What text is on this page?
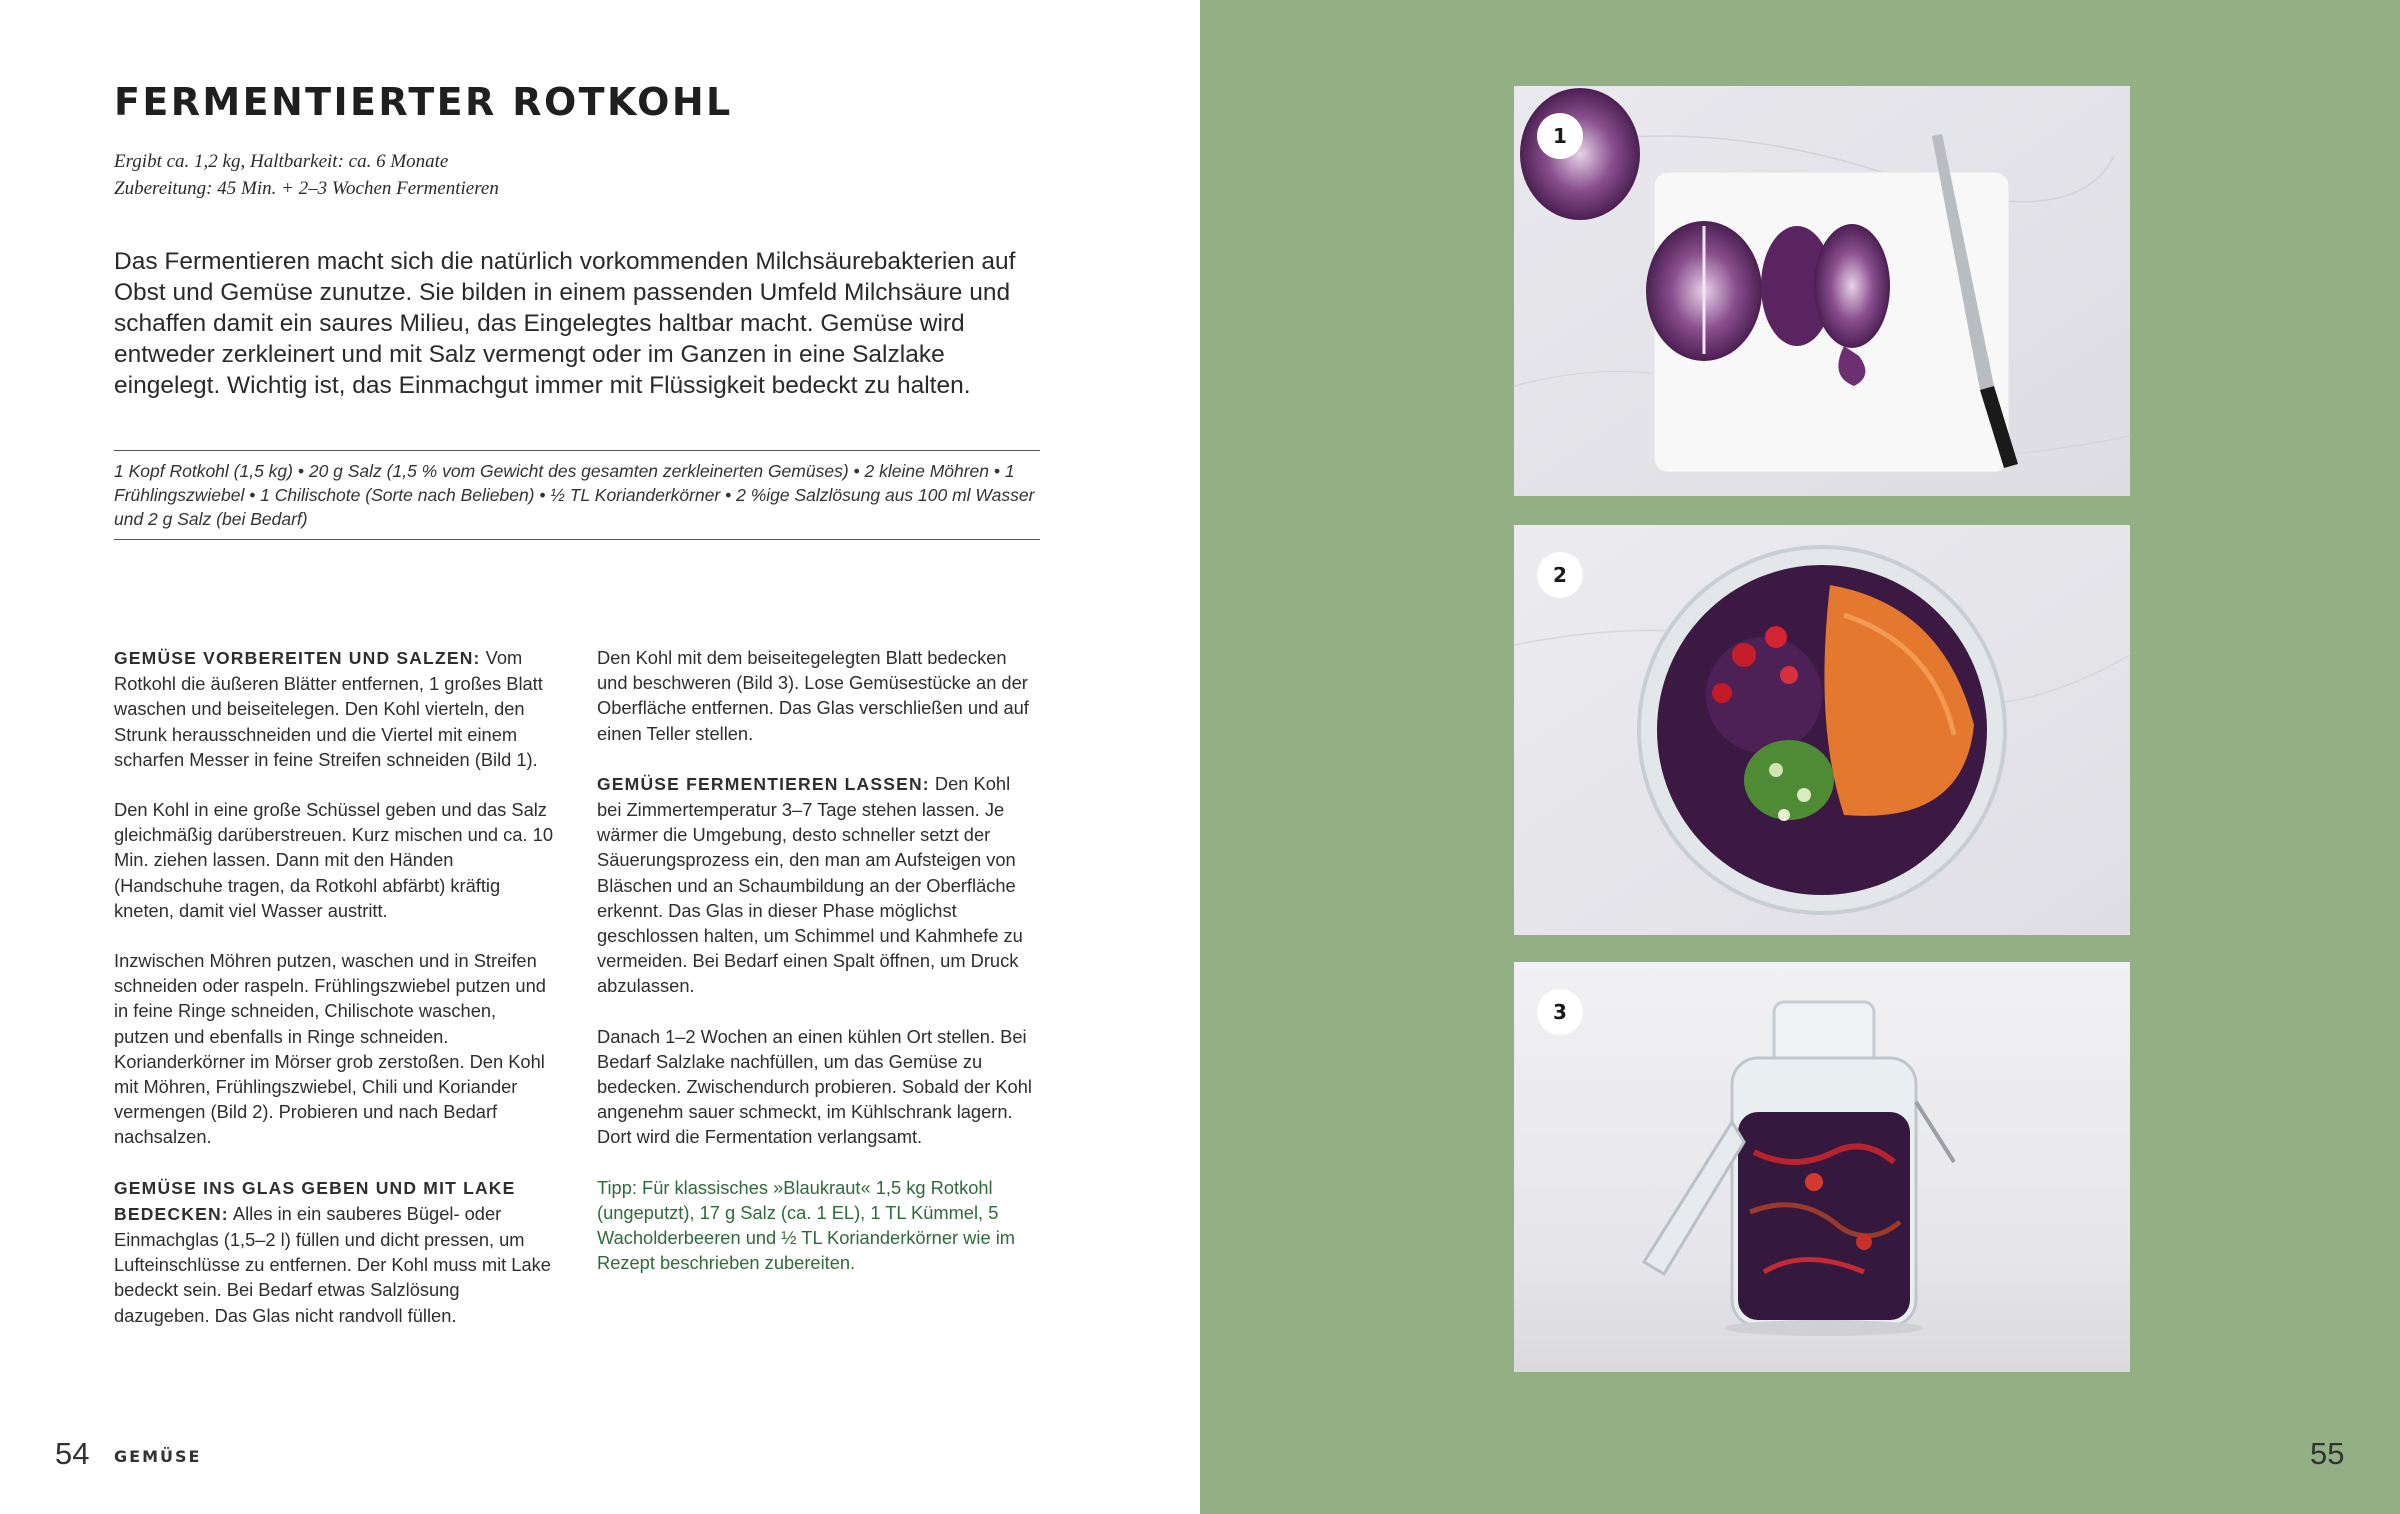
FERMENTIERTER ROTKOHL
Ergibt ca. 1,2 kg, Haltbarkeit: ca. 6 Monate
Zubereitung: 45 Min. + 2–3 Wochen Fermentieren
Das Fermentieren macht sich die natürlich vorkommenden Milchsäurebakterien auf Obst und Gemüse zunutze. Sie bilden in einem passenden Umfeld Milchsäure und schaffen damit ein saures Milieu, das Eingelegtes haltbar macht. Gemüse wird entweder zerkleinert und mit Salz vermengt oder im Ganzen in eine Salzlake eingelegt. Wichtig ist, das Einmachgut immer mit Flüssigkeit bedeckt zu halten.
1 Kopf Rotkohl (1,5 kg) • 20 g Salz (1,5 % vom Gewicht des gesamten zerkleinerten Gemüses) • 2 kleine Möhren • 1 Frühlingszwiebel • 1 Chilischote (Sorte nach Belieben) • ½ TL Korianderkörner • 2 %ige Salzlösung aus 100 ml Wasser und 2 g Salz (bei Bedarf)

GEMÜSE VORBEREITEN UND SALZEN: Vom Rotkohl die äußeren Blätter entfernen, 1 großes Blatt waschen und beiseitelegen. Den Kohl vierteln, den Strunk herausschneiden und die Viertel mit einem scharfen Messer in feine Streifen schneiden (Bild 1).

Den Kohl in eine große Schüssel geben und das Salz gleichmäßig darüberstreuen. Kurz mischen und ca. 10 Min. ziehen lassen. Dann mit den Händen (Handschuhe tragen, da Rotkohl abfärbt) kräftig kneten, damit viel Wasser austritt.

Inzwischen Möhren putzen, waschen und in Streifen schneiden oder raspeln. Frühlingszwiebel putzen und in feine Ringe schneiden, Chilischote waschen, putzen und ebenfalls in Ringe schneiden. Korianderkörner im Mörser grob zerstoßen. Den Kohl mit Möhren, Frühlingszwiebel, Chili und Koriander vermengen (Bild 2). Probieren und nach Bedarf nachsalzen.

GEMÜSE INS GLAS GEBEN UND MIT LAKE BEDECKEN: Alles in ein sauberes Bügel- oder Einmachglas (1,5–2 l) füllen und dicht pressen, um Lufteinschlüsse zu entfernen. Der Kohl muss mit Lake bedeckt sein. Bei Bedarf etwas Salzlösung dazugeben. Das Glas nicht randvoll füllen.

Den Kohl mit dem beiseitegelegten Blatt bedecken und beschweren (Bild 3). Lose Gemüsestücke an der Oberfläche entfernen. Das Glas verschließen und auf einen Teller stellen.

GEMÜSE FERMENTIEREN LASSEN: Den Kohl bei Zimmertemperatur 3–7 Tage stehen lassen. Je wärmer die Umgebung, desto schneller setzt der Säuerungsprozess ein, den man am Aufsteigen von Bläschen und an Schaumbildung an der Oberfläche erkennt. Das Glas in dieser Phase möglichst geschlossen halten, um Schimmel und Kahmhefe zu vermeiden. Bei Bedarf einen Spalt öffnen, um Druck abzulassen.

Danach 1–2 Wochen an einen kühlen Ort stellen. Bei Bedarf Salzlake nachfüllen, um das Gemüse zu bedecken. Zwischendurch probieren. Sobald der Kohl angenehm sauer schmeckt, im Kühlschrank lagern. Dort wird die Fermentation verlangsamt.

Tipp: Für klassisches »Blaukraut« 1,5 kg Rotkohl (ungeputzt), 17 g Salz (ca. 1 EL), 1 TL Kümmel, 5 Wacholderbeeren und ½ TL Korianderkörner wie im Rezept beschrieben zubereiten.

54 GEMÜSE	55
1
2
3
